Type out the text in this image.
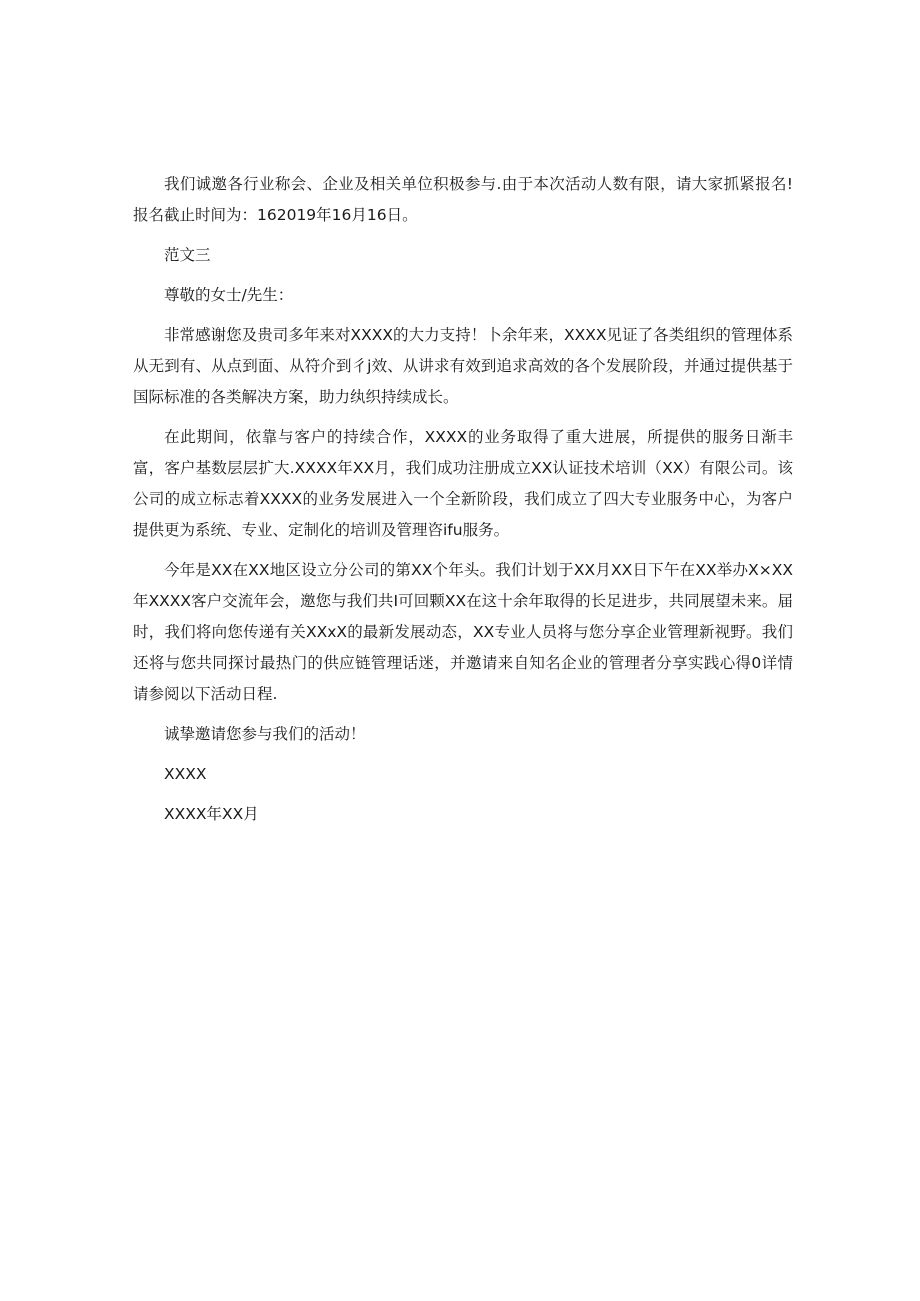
我们诚邀各行业称会、企业及相关单位积极参与.由于本次活动人数有限，请大家抓紧报名!报名截止时间为：162019年16月16日。

范文三

尊敬的女士/先生：

非常感谢您及贵司多年来对XXXX的大力支持！卜余年来，XXXX见证了各类组织的管理体系从无到有、从点到面、从符介到彳j效、从讲求有效到追求高效的各个发展阶段，并通过提供基于国际标准的各类解决方案，助力纨织持续成长。

在此期间，依靠与客户的持续合作，XXXX的业务取得了重大进展，所提供的服务日渐丰富，客户基数层层扩大.XXXX年XX月，我们成功注册成立XX认证技术培训（XX）有限公司。该公司的成立标志着XXXX的业务发展进入一个全新阶段，我们成立了四大专业服务中心，为客户提供更为系统、专业、定制化的培训及管理咨ifu服务。

今年是XX在XX地区设立分公司的第XX个年头。我们计划于XX月XX日下午在XX举办X×XX年XXXX客户交流年会，邀您与我们共I可回颗XX在这十余年取得的长足进步，共同展望未来。届时，我们将向您传递有关XXxX的最新发展动态，XX专业人员将与您分享企业管理新视野。我们还将与您共同探讨最热门的供应链管理话迷，并邀请来自知名企业的管理者分享实践心得0详情请参阅以下活动日程.

诚挚邀请您参与我们的活动！

XXXX

XXXX年XX月
